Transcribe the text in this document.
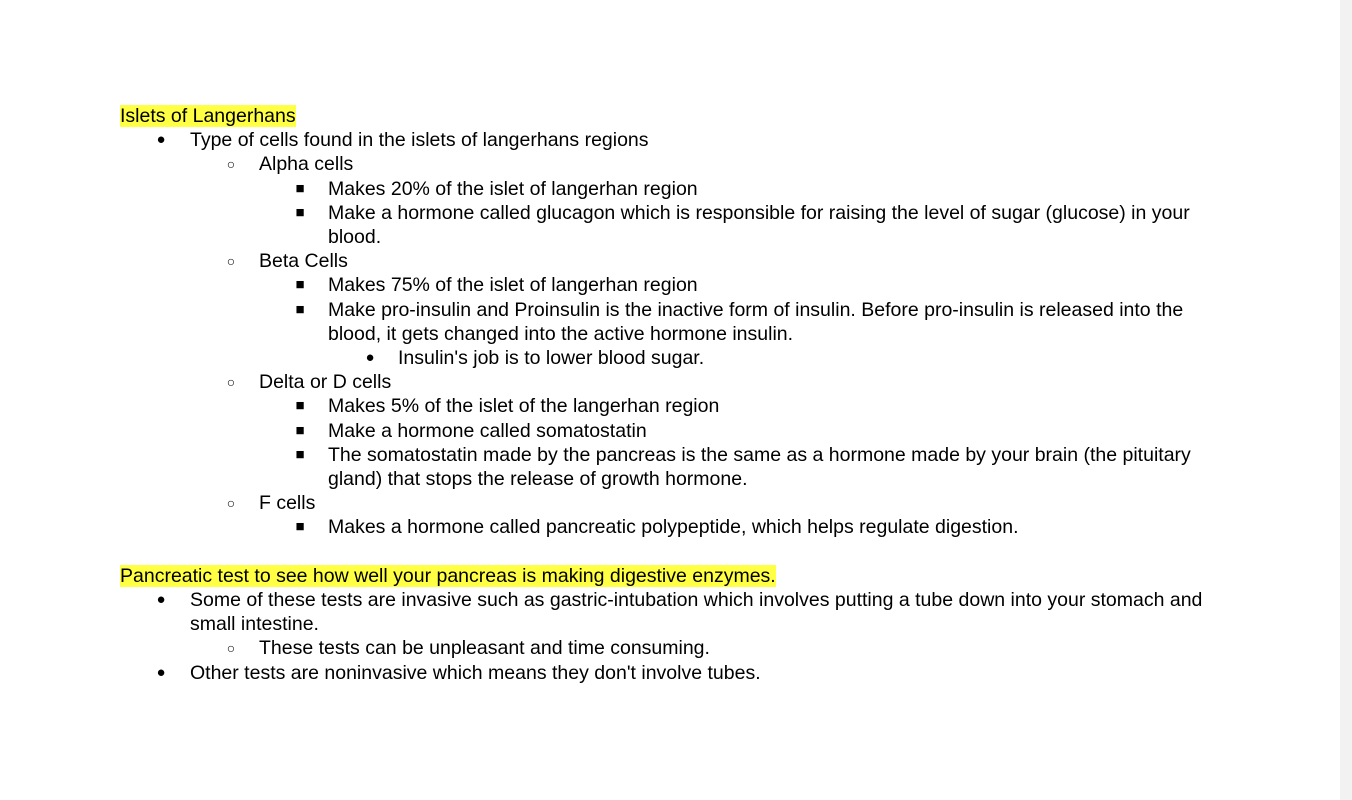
Islets of Langerhans
● Type of cells found in the islets of langerhans regions
○ Alpha cells
■ Makes 20% of the islet of langerhan region
■ Make a hormone called glucagon which is responsible for raising the level of sugar (glucose) in your blood.
○ Beta Cells
■ Makes 75% of the islet of langerhan region
■ Make pro-insulin and Proinsulin is the inactive form of insulin. Before pro-insulin is released into the blood, it gets changed into the active hormone insulin.
● Insulin's job is to lower blood sugar.
○ Delta or D cells
■ Makes 5% of the islet of the langerhan region
■ Make a hormone called somatostatin
■ The somatostatin made by the pancreas is the same as a hormone made by your brain (the pituitary gland) that stops the release of growth hormone.
○ F cells
■ Makes a hormone called pancreatic polypeptide, which helps regulate digestion.
Pancreatic test to see how well your pancreas is making digestive enzymes.
● Some of these tests are invasive such as gastric-intubation which involves putting a tube down into your stomach and small intestine.
○ These tests can be unpleasant and time consuming.
● Other tests are noninvasive which means they don't involve tubes.
